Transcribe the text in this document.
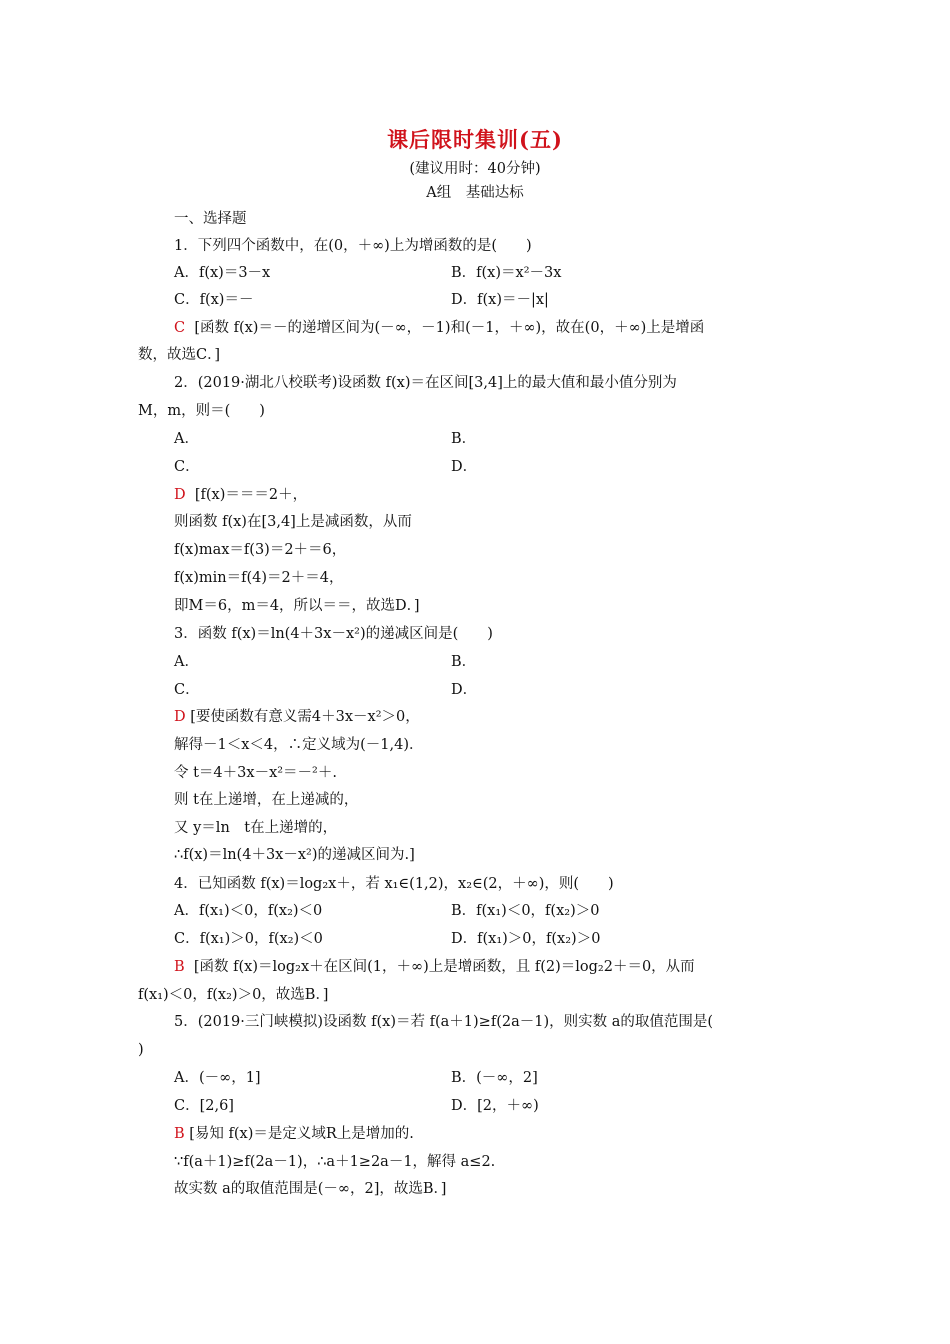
课后限时集训(五)
(建议用时：40分钟)
A组　基础达标
一、选择题
1．下列四个函数中，在(0，＋∞)上为增函数的是(　　)
A．f(x)＝3－x	B．f(x)＝x²－3x
C．f(x)＝－	D．f(x)＝－|x|
C [函数 f(x)＝－的递增区间为(－∞，－1)和(－1，＋∞)，故在(0，＋∞)上是增函
数，故选C．]
2．(2019·湖北八校联考)设函数 f(x)＝在区间[3,4]上的最大值和最小值分别为
M，m，则＝(　　)
A．	B．
C．	D．
D [f(x)＝＝＝2＋，
则函数 f(x)在[3,4]上是减函数，从而
f(x)max＝f(3)＝2＋＝6，
f(x)min＝f(4)＝2＋＝4，
即M＝6，m＝4，所以＝＝，故选D．]
3．函数 f(x)＝ln(4＋3x－x²)的递减区间是(　　)
A．	B．
C．	D．
D [要使函数有意义需4＋3x－x²＞0，
解得－1＜x＜4，∴定义域为(－1,4)．
令 t＝4＋3x－x²＝－²＋.
则 t在上递增，在上递减的，
又 y＝ln　t在上递增的，
∴f(x)＝ln(4＋3x－x²)的递减区间为.]
4．已知函数 f(x)＝log₂x＋，若 x₁∈(1,2)，x₂∈(2，＋∞)，则(　　)
A．f(x₁)＜0，f(x₂)＜0	B．f(x₁)＜0，f(x₂)＞0
C．f(x₁)＞0，f(x₂)＜0	D．f(x₁)＞0，f(x₂)＞0
B [函数 f(x)＝log₂x＋在区间(1，＋∞)上是增函数，且 f(2)＝log₂2＋＝0，从而
f(x₁)＜0，f(x₂)＞0，故选B．]
5．(2019·三门峡模拟)设函数 f(x)＝若 f(a＋1)≥f(2a－1)，则实数 a的取值范围是(
)
A．(－∞，1]	B．(－∞，2]
C．[2,6]	D．[2，＋∞)
B [易知 f(x)＝是定义域R上是增加的.
∵f(a＋1)≥f(2a－1)，∴a＋1≥2a－1，解得 a≤2.
故实数 a的取值范围是(－∞，2]，故选B．]
